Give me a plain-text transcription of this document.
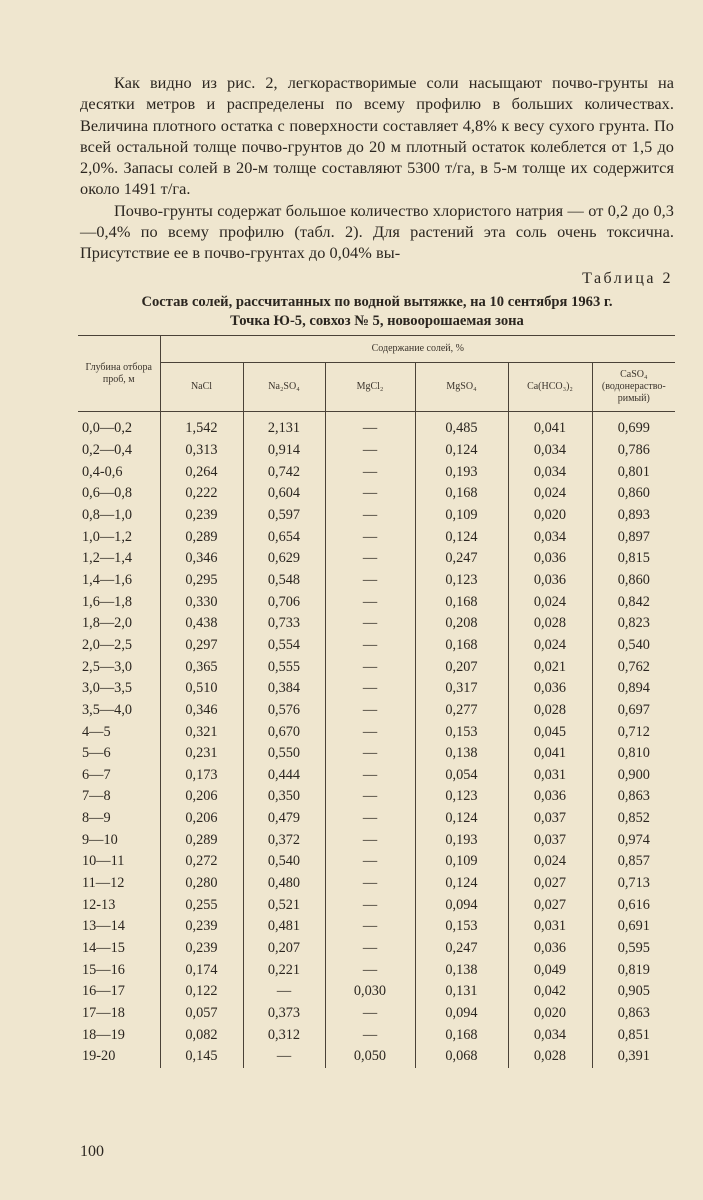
Как видно из рис. 2, легкорастворимые соли насыщают почво-грунты на десятки метров и распределены по всему профилю в больших количествах. Величина плотного остатка с поверхности составляет 4,8% к весу сухого грунта. По всей остальной толще почво-грунтов до 20 м плотный остаток колеблется от 1,5 до 2,0%. Запасы солей в 20-м толще составляют 5300 т/га, в 5-м толще их содержится около 1491 т/га.

Почво-грунты содержат большое количество хлористого натрия — от 0,2 до 0,3—0,4% по всему профилю (табл. 2). Для растений эта соль очень токсична. Присутствие ее в почво-грунтах до 0,04% вы-

Таблица 2
Состав солей, рассчитанных по водной вытяжке, на 10 сентября 1963 г.
Точка Ю-5, совхоз № 5, новоорошаемая зона
Глубина отбора проб, м	Содержание солей, %					
	NaCl	Na₂SO₄	MgCl₂	MgSO₄	Ca(HCO₃)₂	CaSO₄ (водонерастворимый)

0,0—0,2	1,542	2,131	—	0,485	0,041	0,699
0,2—0,4	0,313	0,914	—	0,124	0,034	0,786
0,4-0,6	0,264	0,742	—	0,193	0,034	0,801
0,6—0,8	0,222	0,604	—	0,168	0,024	0,860
0,8—1,0	0,239	0,597	—	0,109	0,020	0,893
1,0—1,2	0,289	0,654	—	0,124	0,034	0,897
1,2—1,4	0,346	0,629	—	0,247	0,036	0,815
1,4—1,6	0,295	0,548	—	0,123	0,036	0,860
1,6—1,8	0,330	0,706	—	0,168	0,024	0,842
1,8—2,0	0,438	0,733	—	0,208	0,028	0,823
2,0—2,5	0,297	0,554	—	0,168	0,024	0,540
2,5—3,0	0,365	0,555	—	0,207	0,021	0,762
3,0—3,5	0,510	0,384	—	0,317	0,036	0,894
3,5—4,0	0,346	0,576	—	0,277	0,028	0,697
4—5	0,321	0,670	—	0,153	0,045	0,712
5—6	0,231	0,550	—	0,138	0,041	0,810
6—7	0,173	0,444	—	0,054	0,031	0,900
7—8	0,206	0,350	—	0,123	0,036	0,863
8—9	0,206	0,479	—	0,124	0,037	0,852
9—10	0,289	0,372	—	0,193	0,037	0,974
10—11	0,272	0,540	—	0,109	0,024	0,857
11—12	0,280	0,480	—	0,124	0,027	0,713
12-13	0,255	0,521	—	0,094	0,027	0,616
13—14	0,239	0,481	—	0,153	0,031	0,691
14—15	0,239	0,207	—	0,247	0,036	0,595
15—16	0,174	0,221	—	0,138	0,049	0,819
16—17	0,122	—	0,030	0,131	0,042	0,905
17—18	0,057	0,373	—	0,094	0,020	0,863
18—19	0,082	0,312	—	0,168	0,034	0,851
19-20	0,145	—	0,050	0,068	0,028	0,391
100
